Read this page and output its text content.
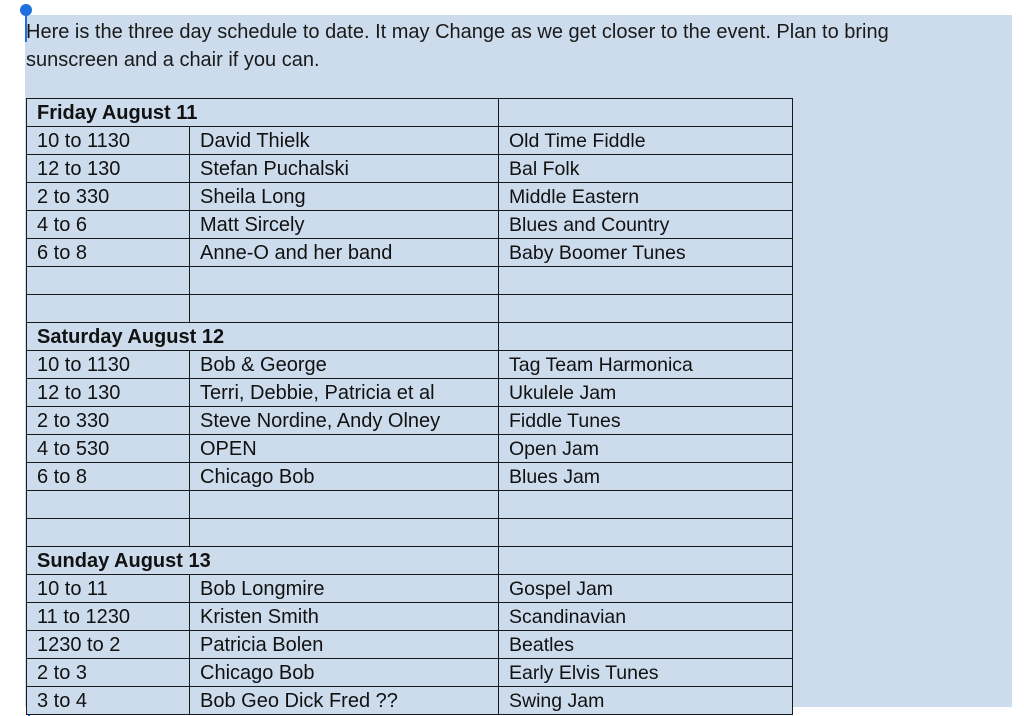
Here is the three day schedule to date. It may Change as we get closer to the event. Plan to bring
sunscreen and a chair if you can.
Friday August 11		
10 to 1130	David Thielk	Old Time Fiddle
12 to 130	Stefan Puchalski	Bal Folk
2 to 330	Sheila Long	Middle Eastern
4 to 6	Matt Sircely	Blues and Country
6 to 8	Anne-O and her band	Baby Boomer Tunes

Saturday August 12		
10 to 1130	Bob & George	Tag Team Harmonica
12 to 130	Terri, Debbie, Patricia et al	Ukulele Jam
2 to 330	Steve Nordine, Andy Olney	Fiddle Tunes
4 to 530	OPEN	Open Jam
6 to 8	Chicago Bob	Blues Jam

Sunday August 13		
10 to 11	Bob Longmire	Gospel Jam
11 to 1230	Kristen Smith	Scandinavian
1230 to 2	Patricia Bolen	Beatles
2 to 3	Chicago Bob	Early Elvis Tunes
3 to 4	Bob Geo Dick Fred ??	Swing Jam
